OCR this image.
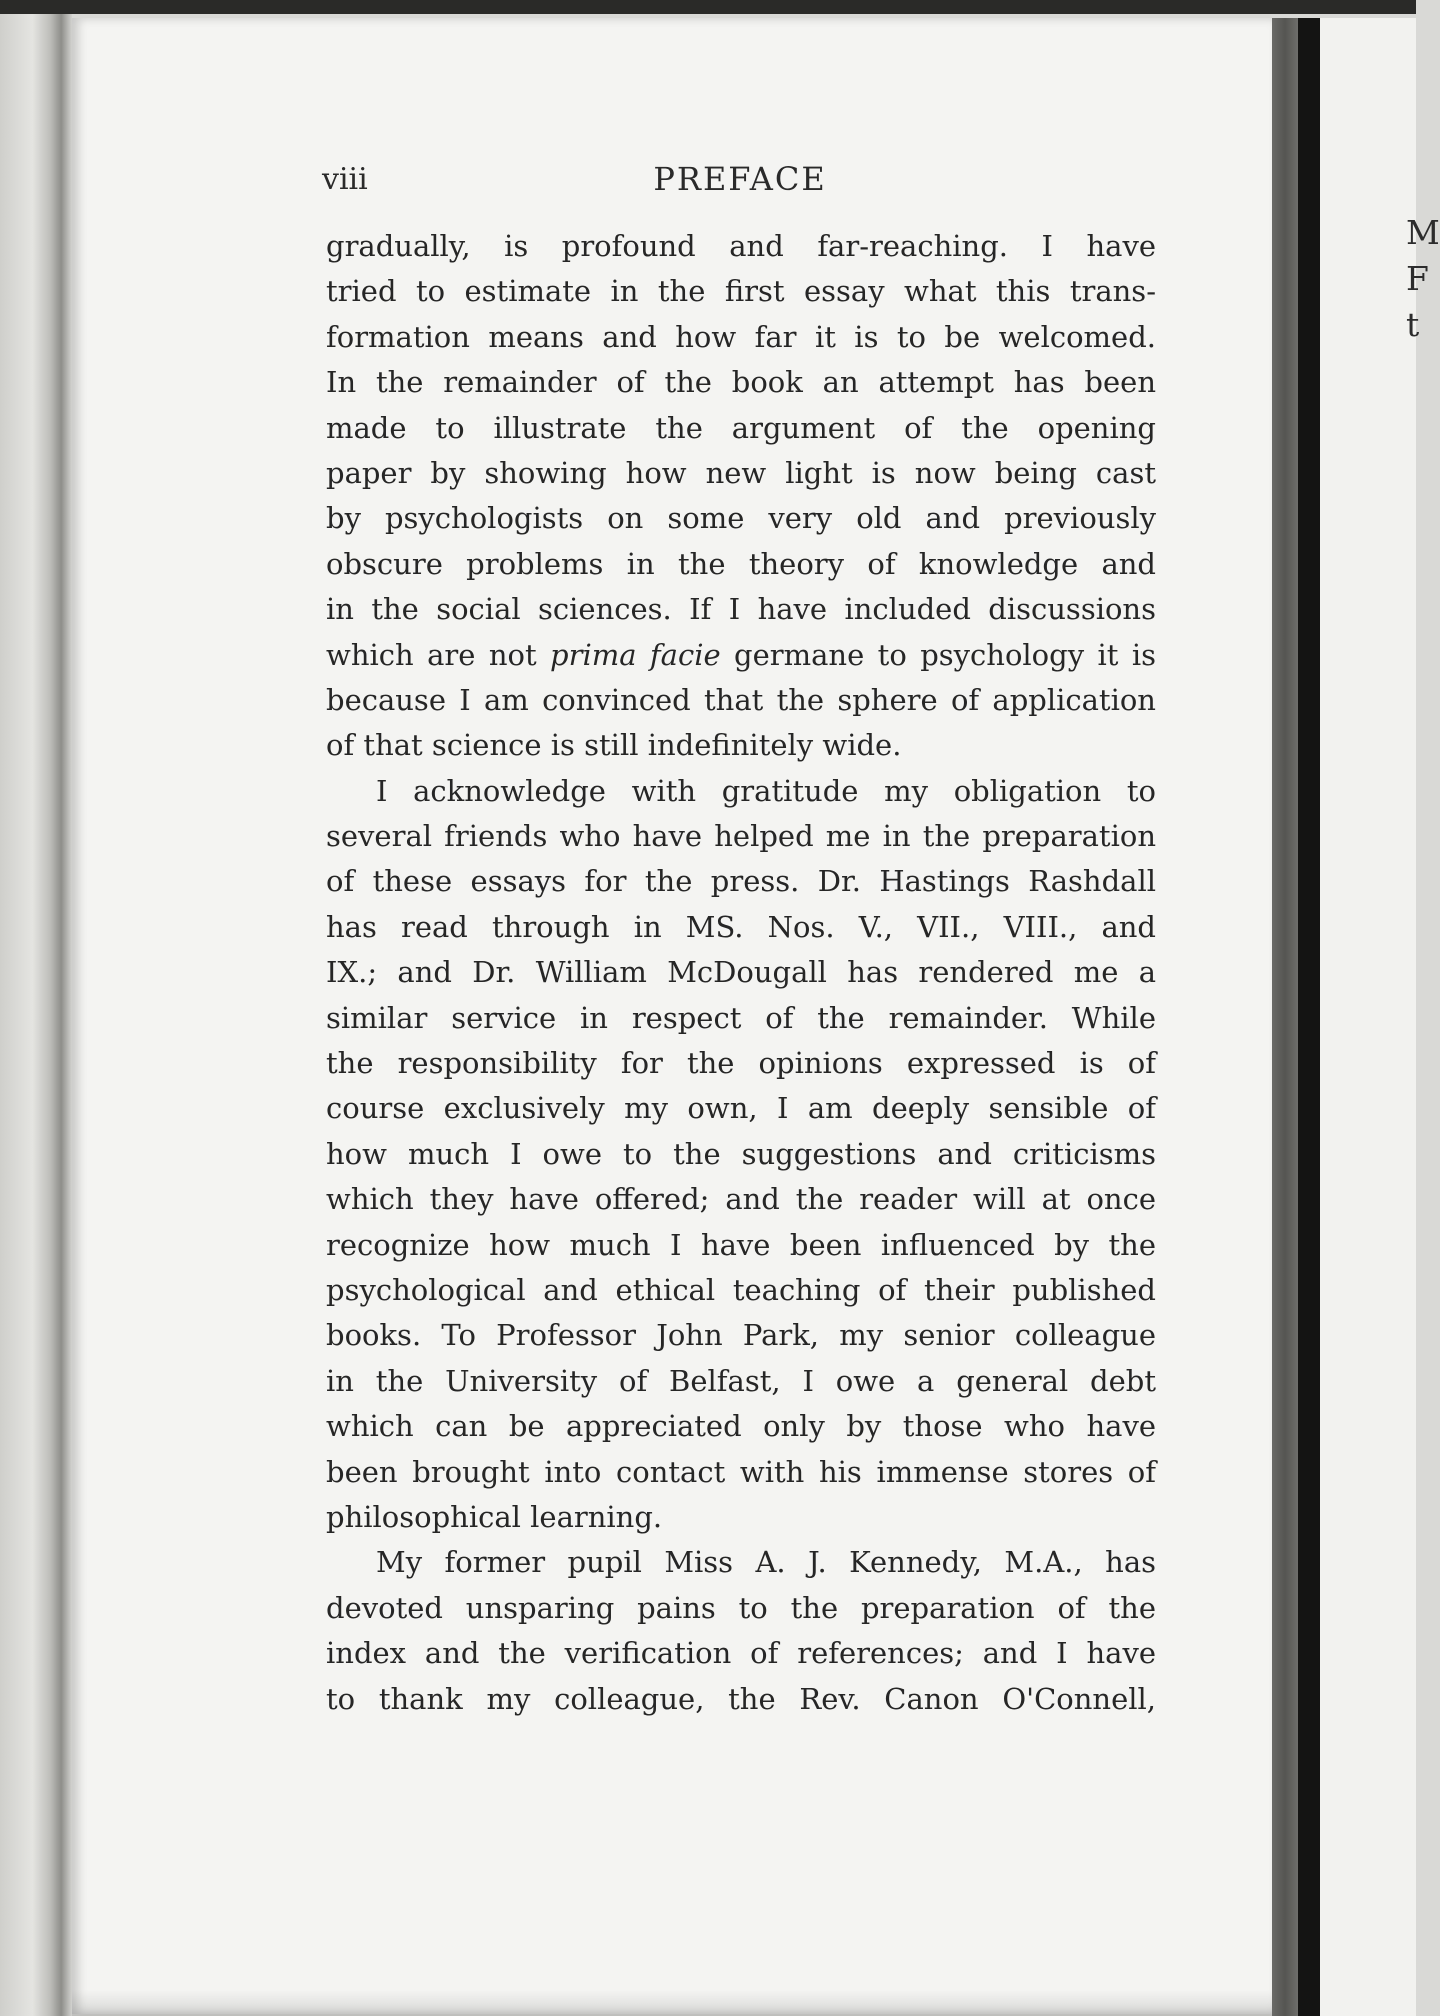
M
F
t
viii	PREFACE
gradually, is profound and far-reaching. I have
tried to estimate in the first essay what this trans-
formation means and how far it is to be welcomed.
In the remainder of the book an attempt has been
made to illustrate the argument of the opening
paper by showing how new light is now being cast
by psychologists on some very old and previously
obscure problems in the theory of knowledge and
in the social sciences. If I have included discussions
which are not prima facie germane to psychology it is
because I am convinced that the sphere of application
of that science is still indefinitely wide.
I acknowledge with gratitude my obligation to
several friends who have helped me in the preparation
of these essays for the press. Dr. Hastings Rashdall
has read through in MS. Nos. V., VII., VIII., and
IX.; and Dr. William McDougall has rendered me a
similar service in respect of the remainder. While
the responsibility for the opinions expressed is of
course exclusively my own, I am deeply sensible of
how much I owe to the suggestions and criticisms
which they have offered; and the reader will at once
recognize how much I have been influenced by the
psychological and ethical teaching of their published
books. To Professor John Park, my senior colleague
in the University of Belfast, I owe a general debt
which can be appreciated only by those who have
been brought into contact with his immense stores of
philosophical learning.
My former pupil Miss A. J. Kennedy, M.A., has
devoted unsparing pains to the preparation of the
index and the verification of references; and I have
to thank my colleague, the Rev. Canon O'Connell,
